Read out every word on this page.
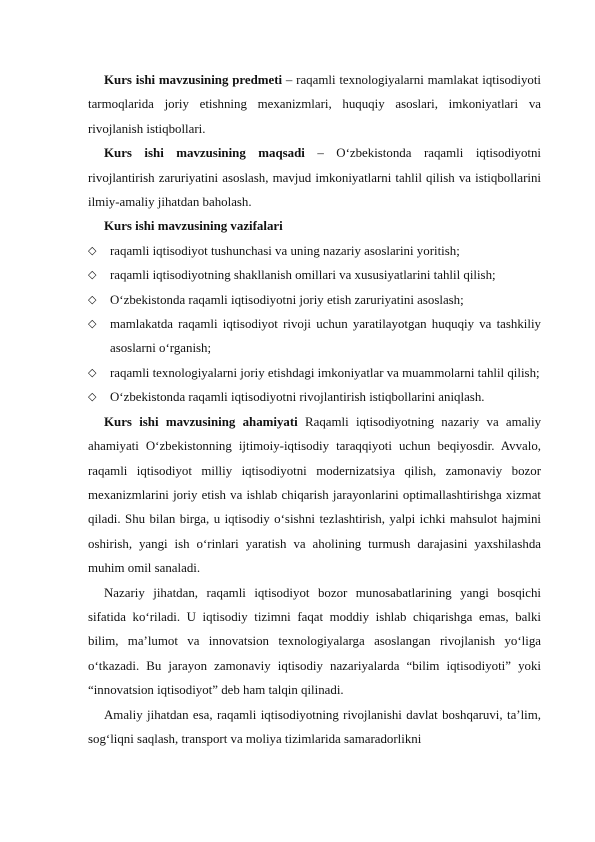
Kurs ishi mavzusining predmeti – raqamli texnologiyalarni mamlakat iqtisodiyoti tarmoqlarida joriy etishning mexanizmlari, huquqiy asoslari, imkoniyatlari va rivojlanish istiqbollari.

Kurs ishi mavzusining maqsadi – O‘zbekistonda raqamli iqtisodiyotni rivojlantirish zaruriyatini asoslash, mavjud imkoniyatlarni tahlil qilish va istiqbollarini ilmiy-amaliy jihatdan baholash.

Kurs ishi mavzusining vazifalari

◇ raqamli iqtisodiyot tushunchasi va uning nazariy asoslarini yoritish;
◇ raqamli iqtisodiyotning shakllanish omillari va xususiyatlarini tahlil qilish;
◇ O‘zbekistonda raqamli iqtisodiyotni joriy etish zaruriyatini asoslash;
◇ mamlakatda raqamli iqtisodiyot rivoji uchun yaratilayotgan huquqiy va tashkiliy asoslarni o‘rganish;
◇ raqamli texnologiyalarni joriy etishdagi imkoniyatlar va muammolarni tahlil qilish;
◇ O‘zbekistonda raqamli iqtisodiyotni rivojlantirish istiqbollarini aniqlash.

Kurs ishi mavzusining ahamiyati Raqamli iqtisodiyotning nazariy va amaliy ahamiyati O‘zbekistonning ijtimoiy-iqtisodiy taraqqiyoti uchun beqiyosdir. Avvalo, raqamli iqtisodiyot milliy iqtisodiyotni modernizatsiya qilish, zamonaviy bozor mexanizmlarini joriy etish va ishlab chiqarish jarayonlarini optimallashtirishga xizmat qiladi. Shu bilan birga, u iqtisodiy o‘sishni tezlashtirish, yalpi ichki mahsulot hajmini oshirish, yangi ish o‘rinlari yaratish va aholining turmush darajasini yaxshilashda muhim omil sanaladi.

Nazariy jihatdan, raqamli iqtisodiyot bozor munosabatlarining yangi bosqichi sifatida ko‘riladi. U iqtisodiy tizimni faqat moddiy ishlab chiqarishga emas, balki bilim, ma’lumot va innovatsion texnologiyalarga asoslangan rivojlanish yo‘liga o‘tkazadi. Bu jarayon zamonaviy iqtisodiy nazariyalarda “bilim iqtisodiyoti” yoki “innovatsion iqtisodiyot” deb ham talqin qilinadi.

Amaliy jihatdan esa, raqamli iqtisodiyotning rivojlanishi davlat boshqaruvi, ta’lim, sog‘liqni saqlash, transport va moliya tizimlarida samaradorlikni
